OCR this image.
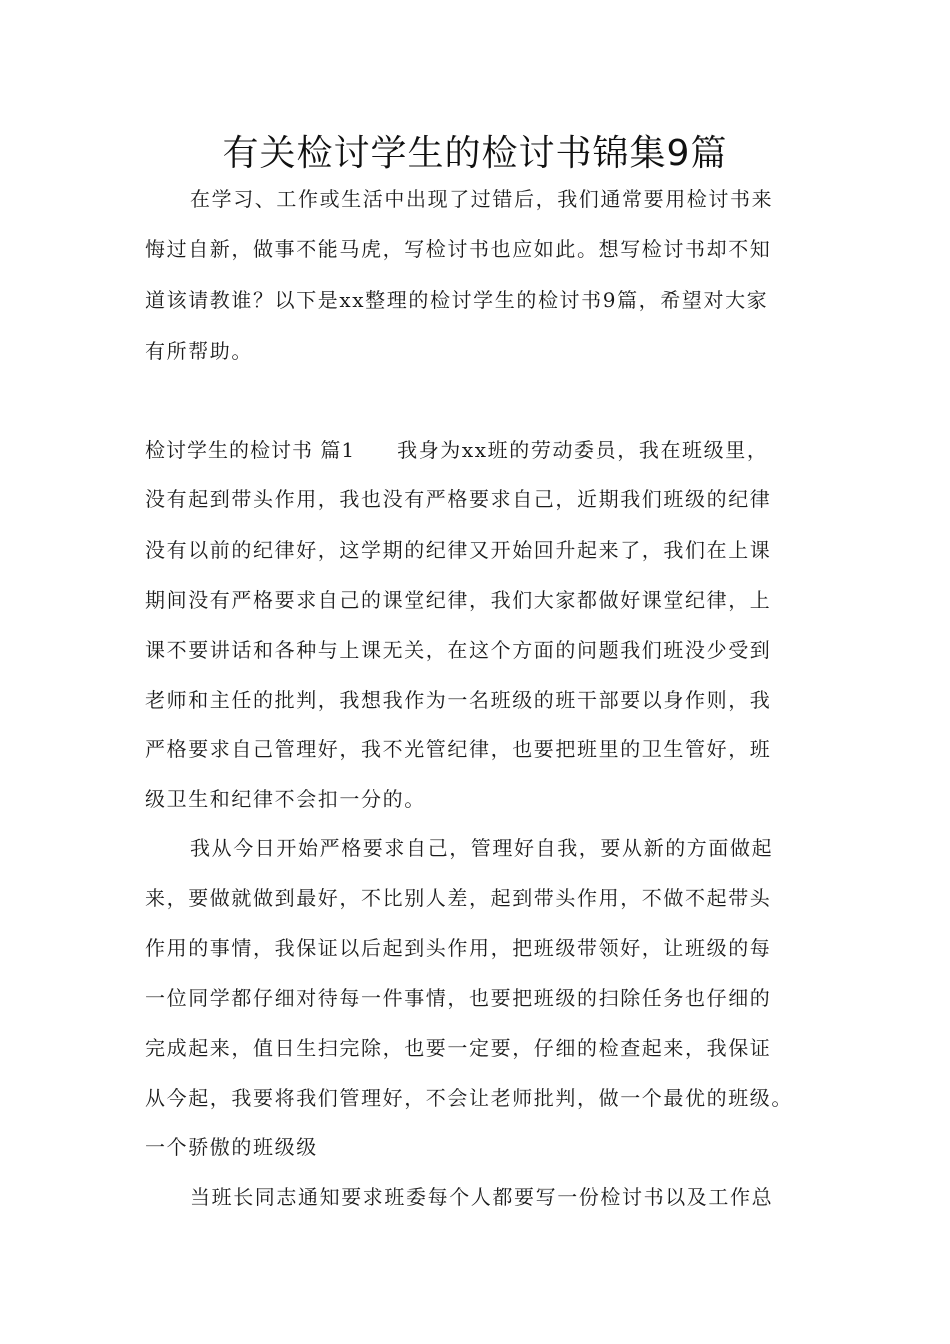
有关检讨学生的检讨书锦集9篇
在学习、工作或生活中出现了过错后，我们通常要用检讨书来
悔过自新，做事不能马虎，写检讨书也应如此。想写检讨书却不知
道该请教谁？以下是xx整理的检讨学生的检讨书9篇，希望对大家
有所帮助。
检讨学生的检讨书 篇1 我身为xx班的劳动委员，我在班级里，
没有起到带头作用，我也没有严格要求自己，近期我们班级的纪律
没有以前的纪律好，这学期的纪律又开始回升起来了，我们在上课
期间没有严格要求自己的课堂纪律，我们大家都做好课堂纪律，上
课不要讲话和各种与上课无关，在这个方面的问题我们班没少受到
老师和主任的批判，我想我作为一名班级的班干部要以身作则，我
严格要求自己管理好，我不光管纪律，也要把班里的卫生管好，班
级卫生和纪律不会扣一分的。
我从今日开始严格要求自己，管理好自我，要从新的方面做起
来，要做就做到最好，不比别人差，起到带头作用，不做不起带头
作用的事情，我保证以后起到头作用，把班级带领好，让班级的每
一位同学都仔细对待每一件事情，也要把班级的扫除任务也仔细的
完成起来，值日生扫完除，也要一定要，仔细的检查起来，我保证
从今起，我要将我们管理好，不会让老师批判，做一个最优的班级。
一个骄傲的班级级
当班长同志通知要求班委每个人都要写一份检讨书以及工作总
